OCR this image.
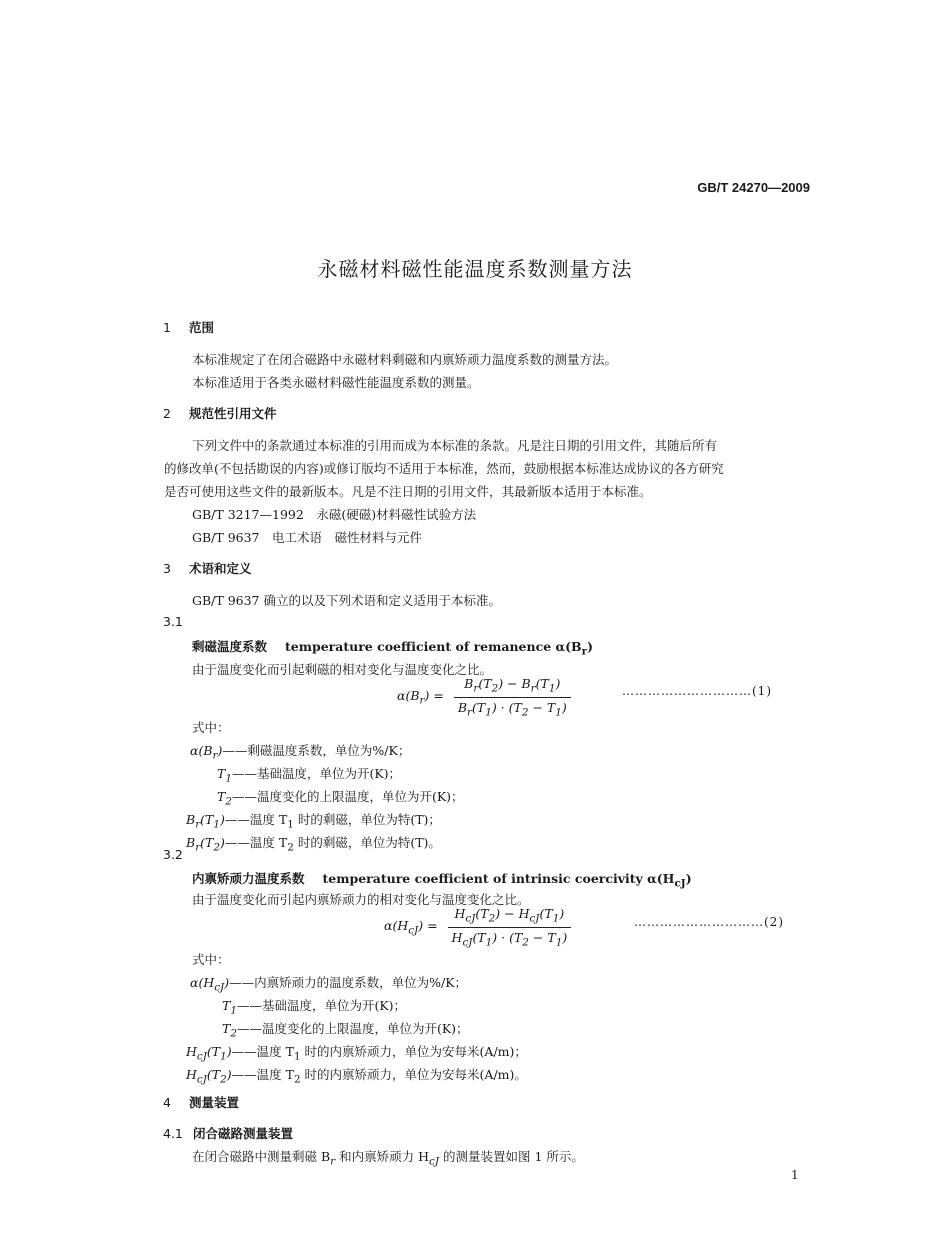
GB/T 24270—2009
永磁材料磁性能温度系数测量方法
1 范围
本标准规定了在闭合磁路中永磁材料剩磁和内禀矫顽力温度系数的测量方法。
本标准适用于各类永磁材料磁性能温度系数的测量。
2 规范性引用文件
下列文件中的条款通过本标准的引用而成为本标准的条款。凡是注日期的引用文件，其随后所有
的修改单(不包括勘误的内容)或修订版均不适用于本标准，然而，鼓励根据本标准达成协议的各方研究
是否可使用这些文件的最新版本。凡是不注日期的引用文件，其最新版本适用于本标准。
GB/T 3217—1992　永磁(硬磁)材料磁性试验方法
GB/T 9637　电工术语　磁性材料与元件
3 术语和定义
GB/T 9637 确立的以及下列术语和定义适用于本标准。
3.1
剩磁温度系数 temperature coefficient of remanence $\alpha(B_r)$
由于温度变化而引起剩磁的相对变化与温度变化之比。
$\alpha(B_r) = \frac{B_r(T_2) - B_r(T_1)}{B_r(T_1) \cdot (T_2 - T_1)}$	…………………………(1)
式中：
$\alpha(B_r)——$剩磁温度系数，单位为%/K；
$T_1——$基础温度，单位为开(K)；
$T_2——$温度变化的上限温度，单位为开(K)；
$B_r(T_1)——$温度 $T_1$ 时的剩磁，单位为特(T)；
$B_r(T_2)——$温度 $T_2$ 时的剩磁，单位为特(T)。
3.2
内禀矫顽力温度系数 temperature coefficient of intrinsic coercivity $\alpha(H_{cJ})$
由于温度变化而引起内禀矫顽力的相对变化与温度变化之比。
$\alpha(H_{cJ}) = \frac{H_{cJ}(T_2) - H_{cJ}(T_1)}{H_{cJ}(T_1) \cdot (T_2 - T_1)}$	…………………………(2)
式中：
$\alpha(H_{cJ})——$内禀矫顽力的温度系数，单位为%/K；
$T_1——$基础温度，单位为开(K)；
$T_2——$温度变化的上限温度，单位为开(K)；
$H_{cJ}(T_1)——$温度 $T_1$ 时的内禀矫顽力，单位为安每米(A/m)；
$H_{cJ}(T_2)——$温度 $T_2$ 时的内禀矫顽力，单位为安每米(A/m)。
4 测量装置
4.1 闭合磁路测量装置
在闭合磁路中测量剩磁 $B_r$ 和内禀矫顽力 $H_{cJ}$ 的测量装置如图 1 所示。
1
